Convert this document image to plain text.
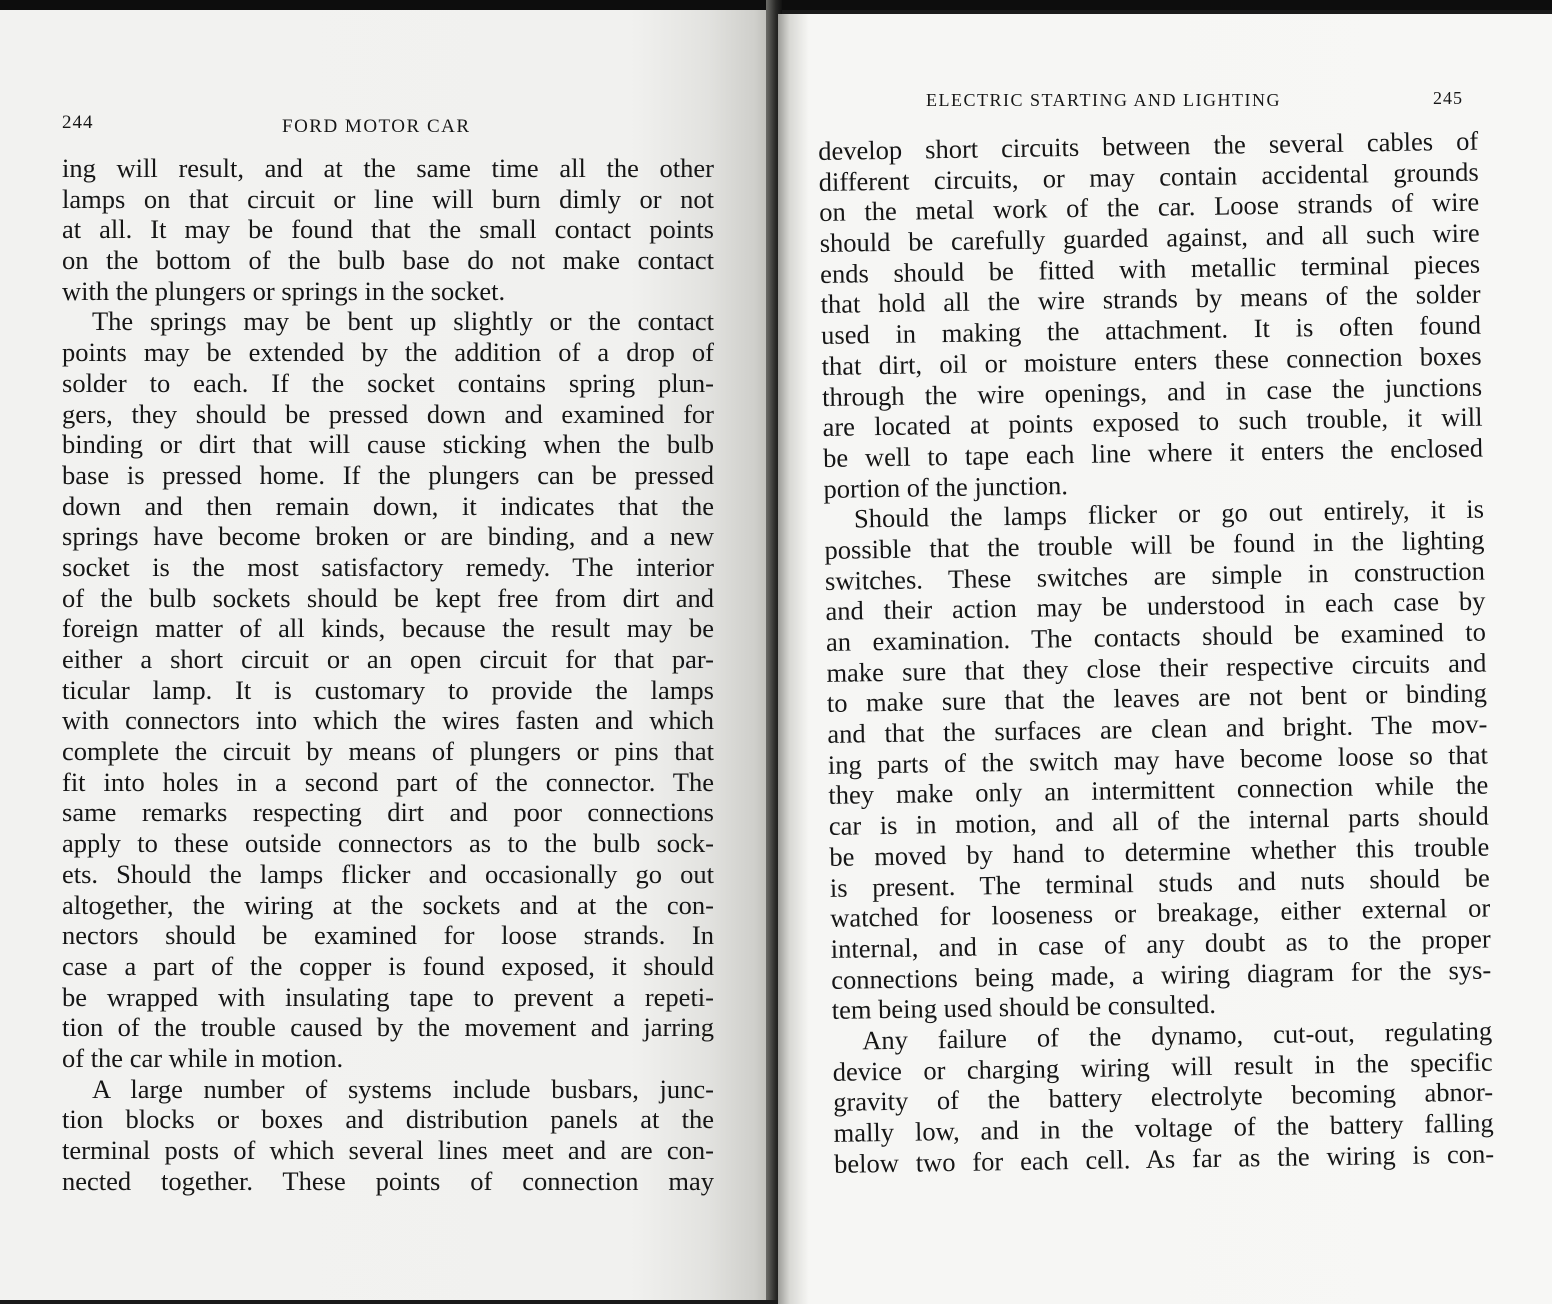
244	FORD MOTOR CAR
ing will result, and at the same time all the other
lamps on that circuit or line will burn dimly or not
at all. It may be found that the small contact points
on the bottom of the bulb base do not make contact
with the plungers or springs in the socket.
The springs may be bent up slightly or the contact
points may be extended by the addition of a drop of
solder to each. If the socket contains spring plun-
gers, they should be pressed down and examined for
binding or dirt that will cause sticking when the bulb
base is pressed home. If the plungers can be pressed
down and then remain down, it indicates that the
springs have become broken or are binding, and a new
socket is the most satisfactory remedy. The interior
of the bulb sockets should be kept free from dirt and
foreign matter of all kinds, because the result may be
either a short circuit or an open circuit for that par-
ticular lamp. It is customary to provide the lamps
with connectors into which the wires fasten and which
complete the circuit by means of plungers or pins that
fit into holes in a second part of the connector. The
same remarks respecting dirt and poor connections
apply to these outside connectors as to the bulb sock-
ets. Should the lamps flicker and occasionally go out
altogether, the wiring at the sockets and at the con-
nectors should be examined for loose strands. In
case a part of the copper is found exposed, it should
be wrapped with insulating tape to prevent a repeti-
tion of the trouble caused by the movement and jarring
of the car while in motion.
A large number of systems include busbars, junc-
tion blocks or boxes and distribution panels at the
terminal posts of which several lines meet and are con-
nected together. These points of connection may
ELECTRIC STARTING AND LIGHTING	245
develop short circuits between the several cables of
different circuits, or may contain accidental grounds
on the metal work of the car. Loose strands of wire
should be carefully guarded against, and all such wire
ends should be fitted with metallic terminal pieces
that hold all the wire strands by means of the solder
used in making the attachment. It is often found
that dirt, oil or moisture enters these connection boxes
through the wire openings, and in case the junctions
are located at points exposed to such trouble, it will
be well to tape each line where it enters the enclosed
portion of the junction.
Should the lamps flicker or go out entirely, it is
possible that the trouble will be found in the lighting
switches. These switches are simple in construction
and their action may be understood in each case by
an examination. The contacts should be examined to
make sure that they close their respective circuits and
to make sure that the leaves are not bent or binding
and that the surfaces are clean and bright. The mov-
ing parts of the switch may have become loose so that
they make only an intermittent connection while the
car is in motion, and all of the internal parts should
be moved by hand to determine whether this trouble
is present. The terminal studs and nuts should be
watched for looseness or breakage, either external or
internal, and in case of any doubt as to the proper
connections being made, a wiring diagram for the sys-
tem being used should be consulted.
Any failure of the dynamo, cut-out, regulating
device or charging wiring will result in the specific
gravity of the battery electrolyte becoming abnor-
mally low, and in the voltage of the battery falling
below two for each cell. As far as the wiring is con-
